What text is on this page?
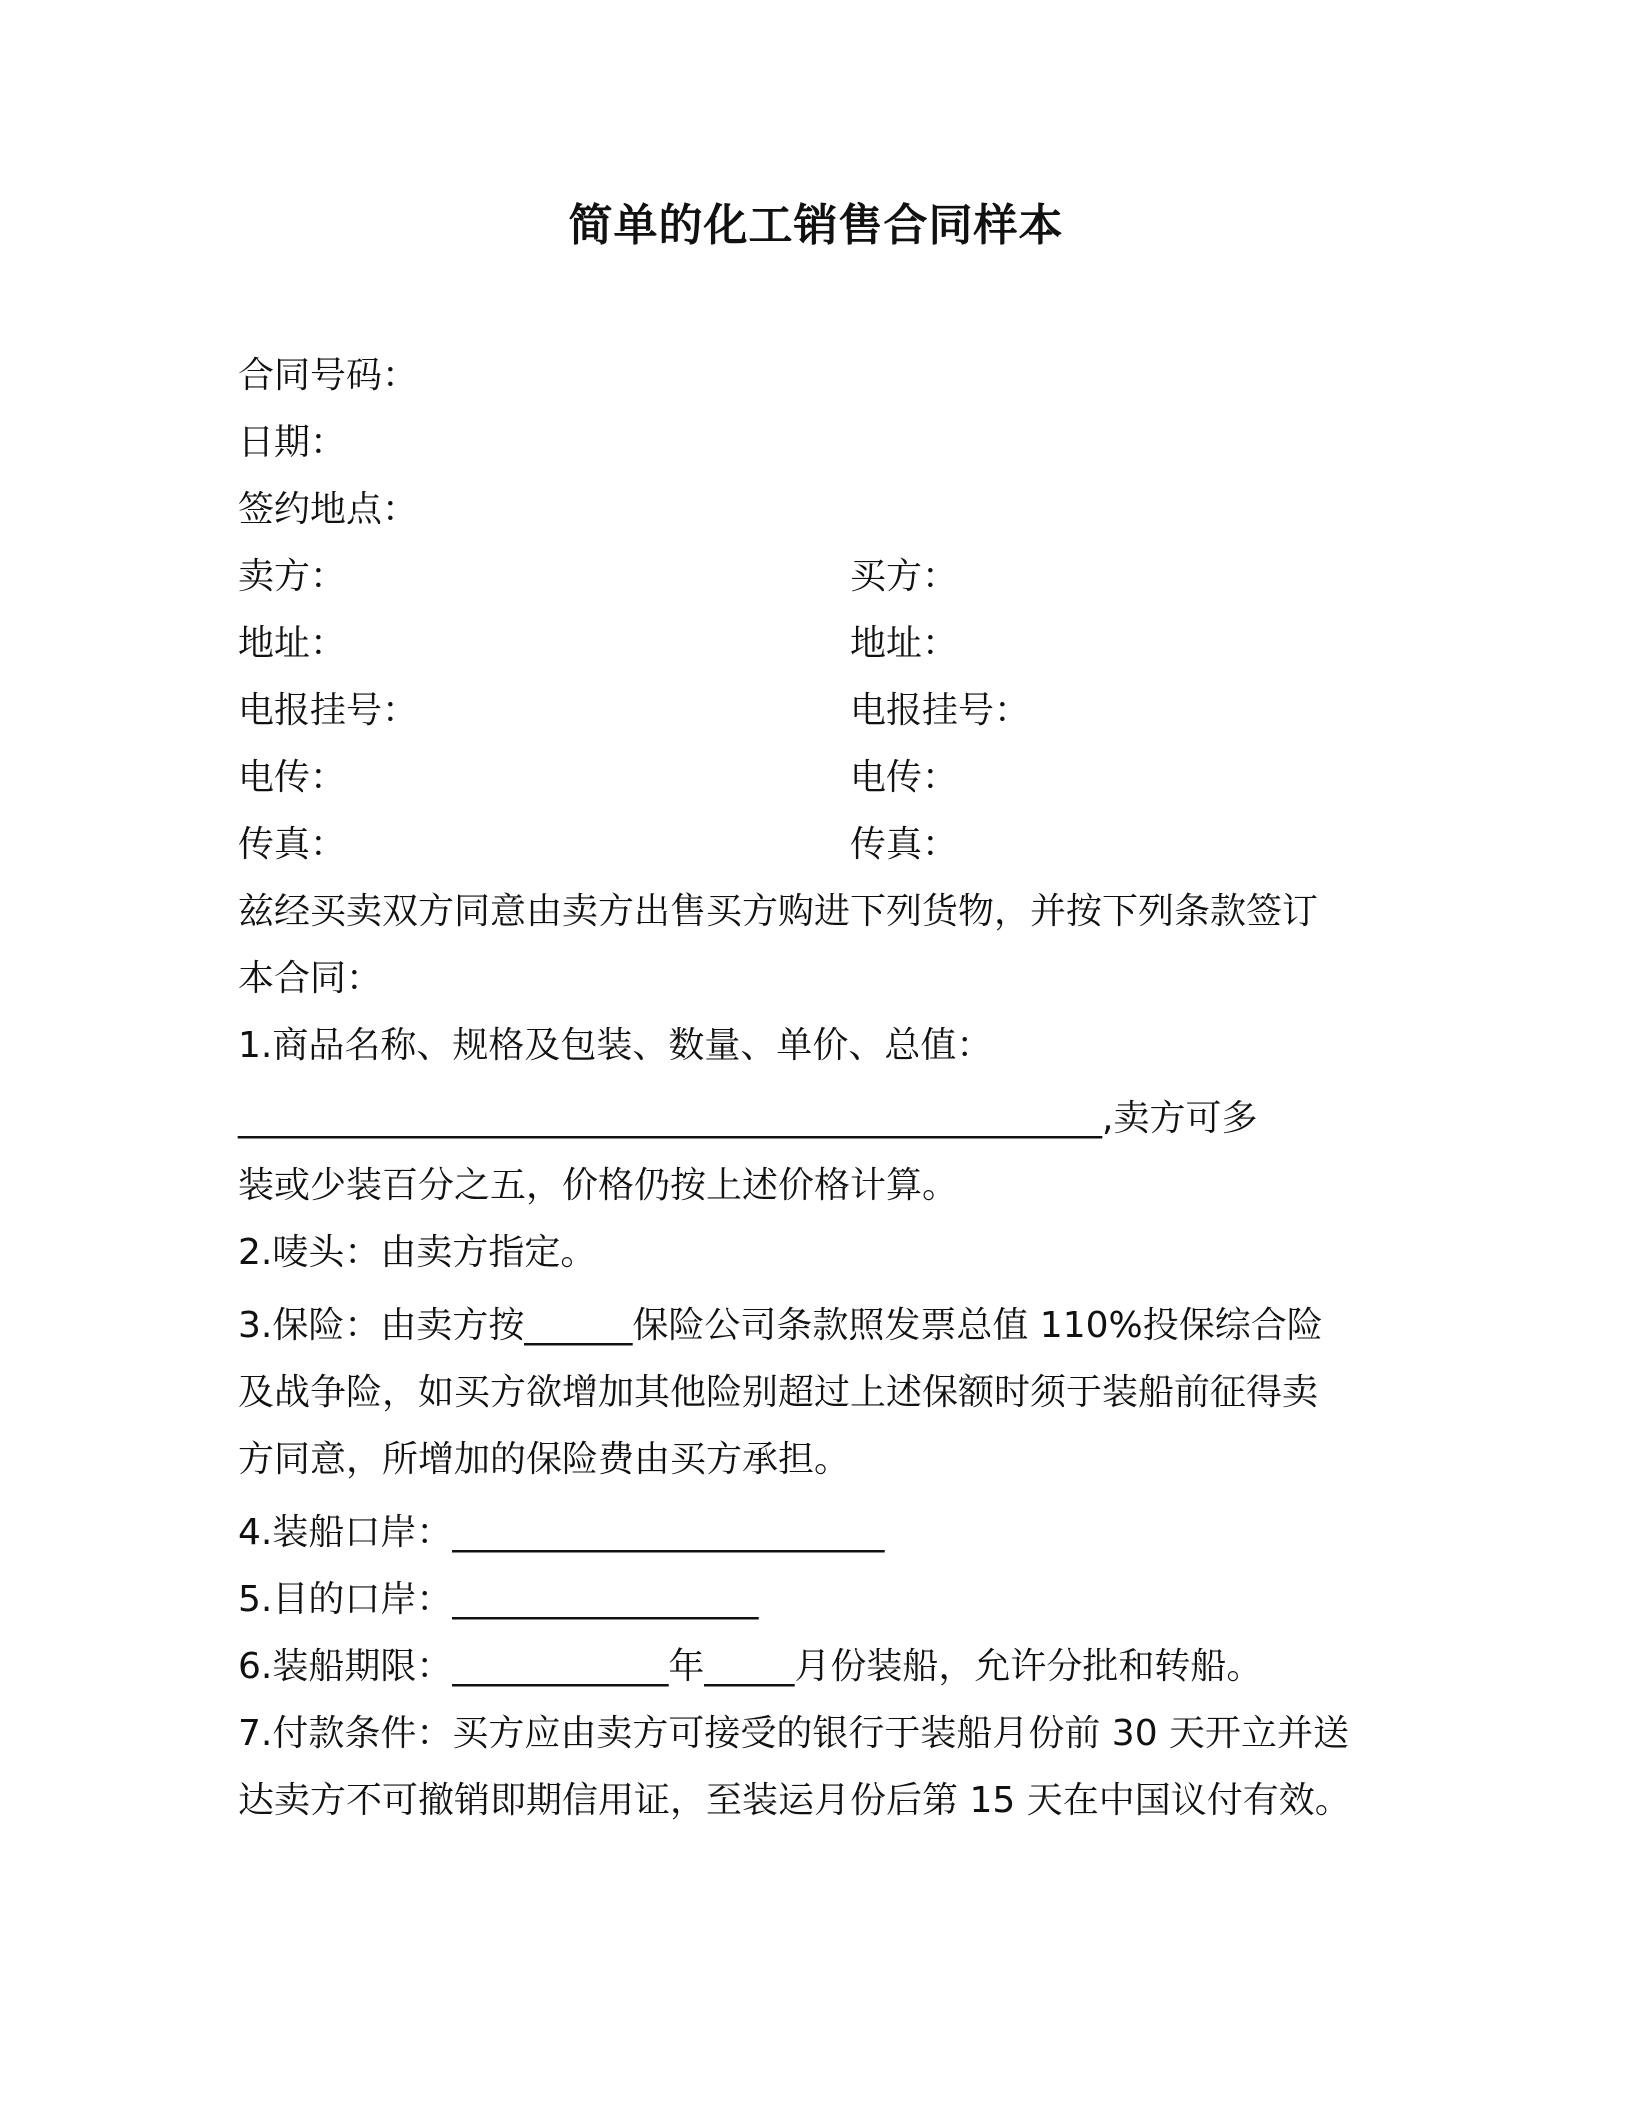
简单的化工销售合同样本
合同号码：
日期：
签约地点：
卖方：	买方：
地址：	地址：
电报挂号：	电报挂号：
电传：	电传：
传真：	传真：
兹经买卖双方同意由卖方出售买方购进下列货物，并按下列条款签订
本合同：
1.商品名称、规格及包装、数量、单价、总值：
________________________________________________,卖方可多
装或少装百分之五，价格仍按上述价格计算。
2.唛头：由卖方指定。
3.保险：由卖方按______保险公司条款照发票总值 110%投保综合险
及战争险，如买方欲增加其他险别超过上述保额时须于装船前征得卖
方同意，所增加的保险费由买方承担。
4.装船口岸：________________________
5.目的口岸：_________________
6.装船期限：____________年_____月份装船，允许分批和转船。
7.付款条件：买方应由卖方可接受的银行于装船月份前 30 天开立并送
达卖方不可撤销即期信用证，至装运月份后第 15 天在中国议付有效。
